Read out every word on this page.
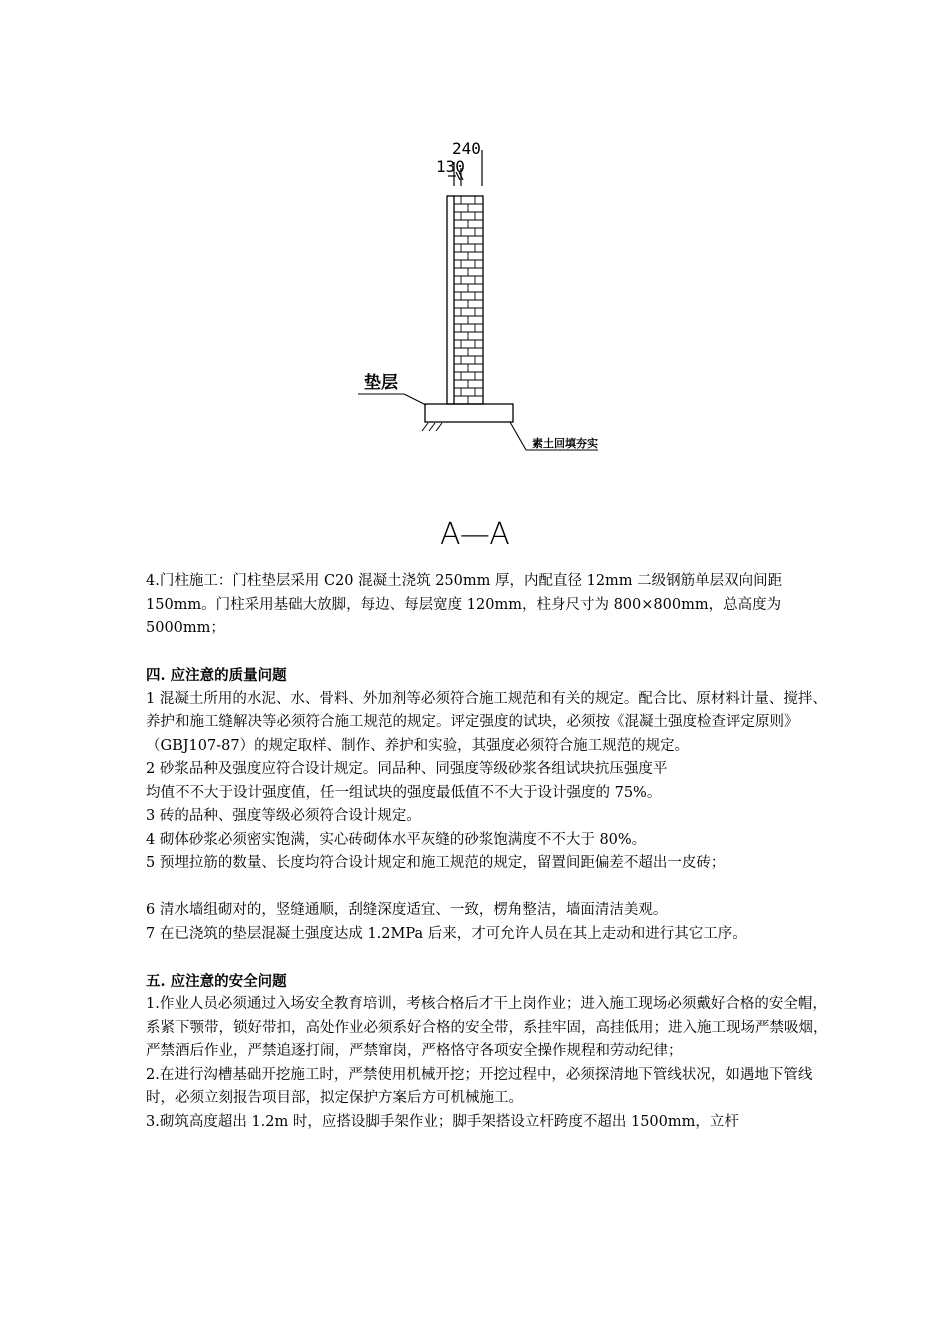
240
130
垫层
素土回填夯实
A—A

4.门柱施工：门柱垫层采用 C20 混凝土浇筑 250mm 厚，内配直径 12mm 二级钢筋单层双向间距 150mm。门柱采用基础大放脚，每边、每层宽度 120mm，柱身尺寸为 800×800mm，总高度为 5000mm；

四. 应注意的质量问题

1 混凝土所用的水泥、水、骨料、外加剂等必须符合施工规范和有关的规定。配合比、原材料计量、搅拌、养护和施工缝解决等必须符合施工规范的规定。评定强度的试块，必须按《混凝土强度检查评定原则》（GBJ107-87）的规定取样、制作、养护和实验，其强度必须符合施工规范的规定。

2 砂浆品种及强度应符合设计规定。同品种、同强度等级砂浆各组试块抗压强度平

均值不不大于设计强度值，任一组试块的强度最低值不不大于设计强度的 75%。

3 砖的品种、强度等级必须符合设计规定。

4 砌体砂浆必须密实饱满，实心砖砌体水平灰缝的砂浆饱满度不不大于 80%。

5 预埋拉筋的数量、长度均符合设计规定和施工规范的规定，留置间距偏差不超出一皮砖；

6 清水墙组砌对的，竖缝通顺，刮缝深度适宜、一致，楞角整洁，墙面清洁美观。

7 在已浇筑的垫层混凝土强度达成 1.2MPa 后来，才可允许人员在其上走动和进行其它工序。

五. 应注意的安全问题

1.作业人员必须通过入场安全教育培训，考核合格后才干上岗作业；进入施工现场必须戴好合格的安全帽，系紧下颚带，锁好带扣，高处作业必须系好合格的安全带，系挂牢固，高挂低用；进入施工现场严禁吸烟，严禁酒后作业，严禁追逐打闹，严禁窜岗，严格恪守各项安全操作规程和劳动纪律；

2.在进行沟槽基础开挖施工时，严禁使用机械开挖；开挖过程中，必须探清地下管线状况，如遇地下管线时，必须立刻报告项目部，拟定保护方案后方可机械施工。

3.砌筑高度超出 1.2m 时，应搭设脚手架作业；脚手架搭设立杆跨度不超出 1500mm，立杆
